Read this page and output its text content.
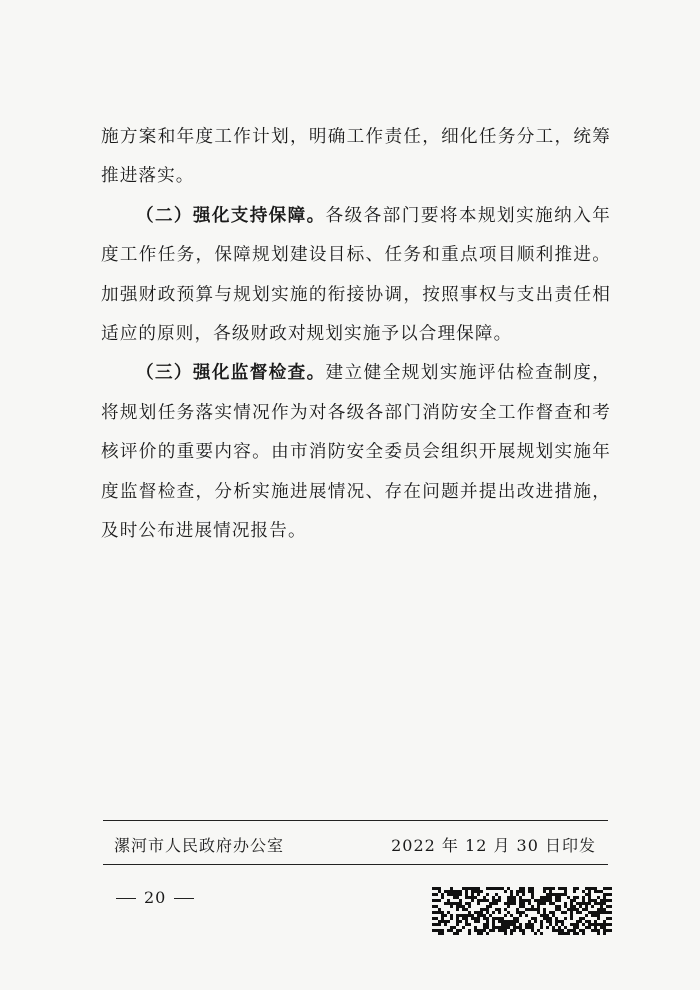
施方案和年度工作计划，明确工作责任，细化任务分工，统筹推进落实。

（二）强化支持保障。各级各部门要将本规划实施纳入年度工作任务，保障规划建设目标、任务和重点项目顺利推进。加强财政预算与规划实施的衔接协调，按照事权与支出责任相适应的原则，各级财政对规划实施予以合理保障。

（三）强化监督检查。建立健全规划实施评估检查制度，将规划任务落实情况作为对各级各部门消防安全工作督查和考核评价的重要内容。由市消防安全委员会组织开展规划实施年度监督检查，分析实施进展情况、存在问题并提出改进措施，及时公布进展情况报告。

漯河市人民政府办公室	2022 年 12 月 30 日印发
20
